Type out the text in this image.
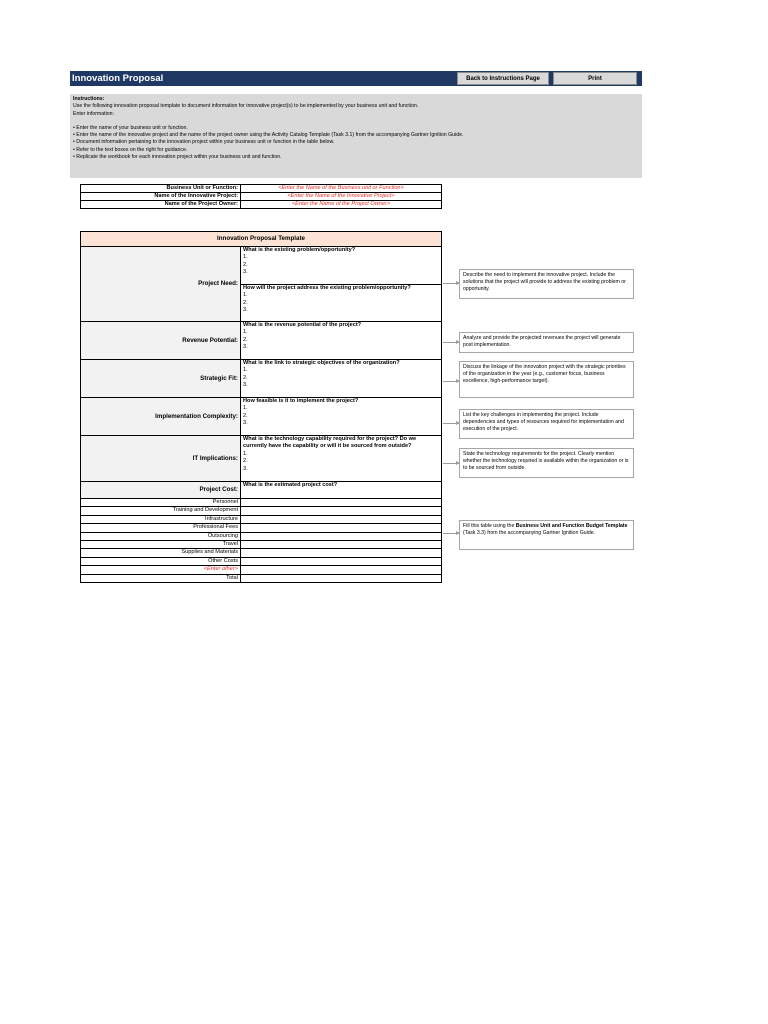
Innovation Proposal	Back to Instructions Page	Print
Instructions:
Use the following innovation proposal template to document information for innovative project(s) to be implemented by your business unit and function.
Enter information:
• Enter the name of your business unit or function.
• Enter the name of the innovative project and the name of the project owner using the Activity Catalog Template (Task 3.1) from the accompanying Gartner Ignition Guide.
• Document information pertaining to the innovation project within your business unit or function in the table below.
• Refer to the text boxes on the right for guidance.
• Replicate the workbook for each innovation project within your business unit and function.
Business Unit or Function:	<Enter the Name of the Business unit or Function>
Name of the Innovative Project:	<Enter the Name of the Innovative Project>
Name of the Project Owner:	<Enter the Name of the Project Owner>
Innovation Proposal Template	
Project Need:	What is the existing problem/opportunity?
1.
2.
3.

	How will the project address the existing problem/opportunity?
1.
2.
3.

Revenue Potential:	What is the revenue potential of the project?
1.
2.
3.

Strategic Fit:	What is the link to strategic objectives of the organization?
1.
2.
3.

Implementation Complexity:	How feasible is it to implement the project?
1.
2.
3.

IT Implications:	What is the technology capability required for the project? Do we currently have the capability or will it be sourced from outside?
1.
2.
3.

Project Cost:	What is the estimated project cost?

Personnel	
Training and Development	
Infrastructure	
Professional Fees	
Outsourcing	
Travel	
Supplies and Materials	
Other Costs	
<Enter other>	
Total	
Describe the need to implement the innovative project. Include the solutions that the project will provide to address the existing problem or opportunity.
Analyze and provide the projected revenues the project will generate post implementation.
Discuss the linkage of the innovation project with the strategic priorities of the organization in the year (e.g., customer focus, business excellence, high-performance target).
List the key challenges in implementing the project. Include dependencies and types of resources required for implementation and execution of the project.
State the technology requirements for the project. Clearly mention whether the technology required is available within the organization or is to be sourced from outside.
Fill this table using the Business Unit and Function Budget Template (Task 3.3) from the accompanying Gartner Ignition Guide.
